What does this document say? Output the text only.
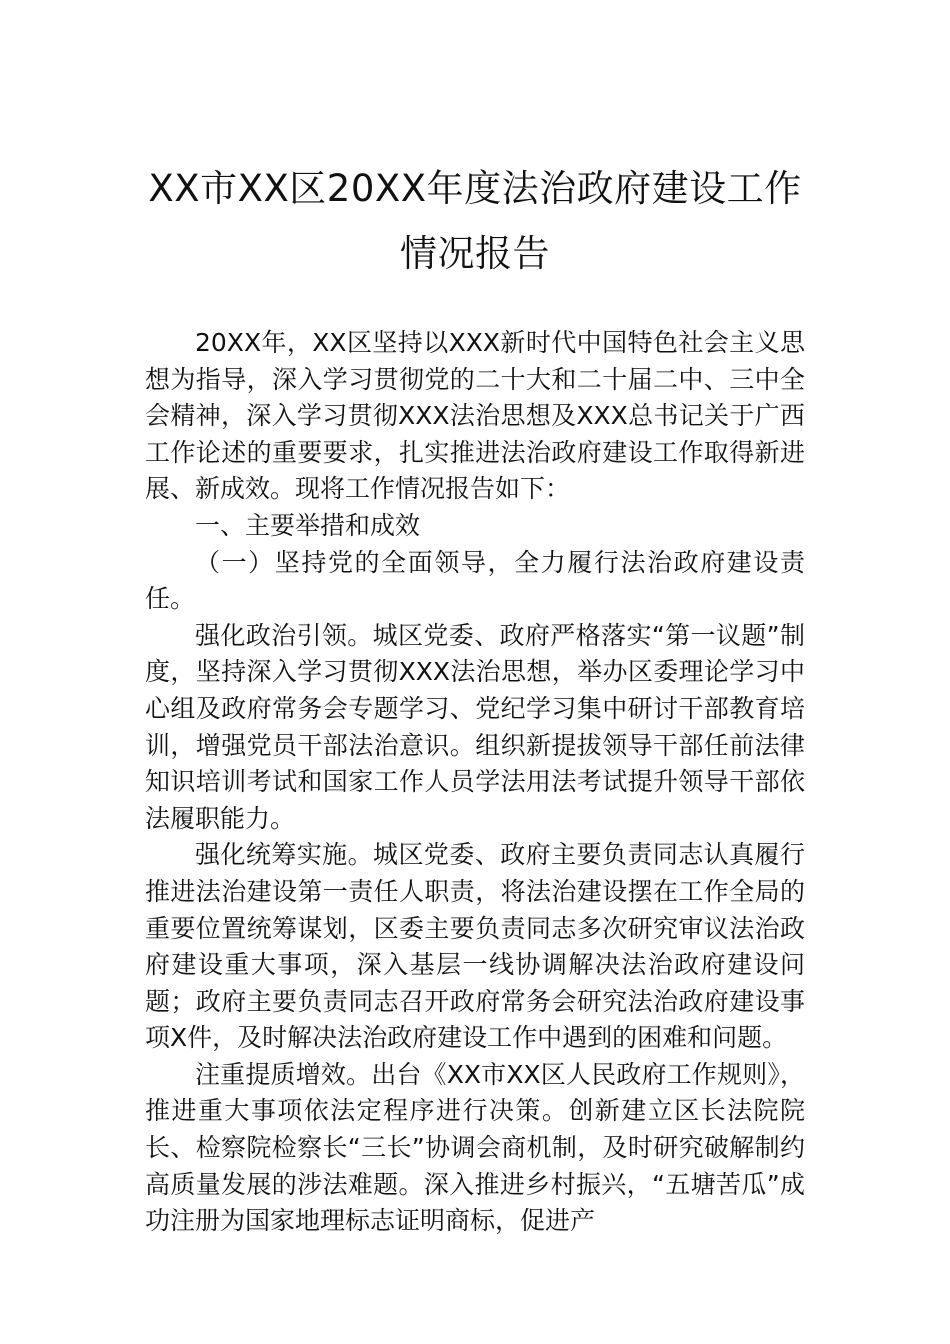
XX市XX区20XX年度法治政府建设工作
情况报告

20XX年，XX区坚持以XXX新时代中国特色社会主义思想为指导，深入学习贯彻党的二十大和二十届二中、三中全会精神，深入学习贯彻XXX法治思想及XXX总书记关于广西工作论述的重要要求，扎实推进法治政府建设工作取得新进展、新成效。现将工作情况报告如下：

一、主要举措和成效

（一）坚持党的全面领导，全力履行法治政府建设责任。

强化政治引领。城区党委、政府严格落实“第一议题”制度，坚持深入学习贯彻XXX法治思想，举办区委理论学习中心组及政府常务会专题学习、党纪学习集中研讨干部教育培训，增强党员干部法治意识。组织新提拔领导干部任前法律知识培训考试和国家工作人员学法用法考试提升领导干部依法履职能力。

强化统筹实施。城区党委、政府主要负责同志认真履行推进法治建设第一责任人职责，将法治建设摆在工作全局的重要位置统筹谋划，区委主要负责同志多次研究审议法治政府建设重大事项，深入基层一线协调解决法治政府建设问题；政府主要负责同志召开政府常务会研究法治政府建设事项X件，及时解决法治政府建设工作中遇到的困难和问题。

注重提质增效。出台《XX市XX区人民政府工作规则》，推进重大事项依法定程序进行决策。创新建立区长法院院长、检察院检察长“三长”协调会商机制，及时研究破解制约高质量发展的涉法难题。深入推进乡村振兴，“五塘苦瓜”成功注册为国家地理标志证明商标，促进产
